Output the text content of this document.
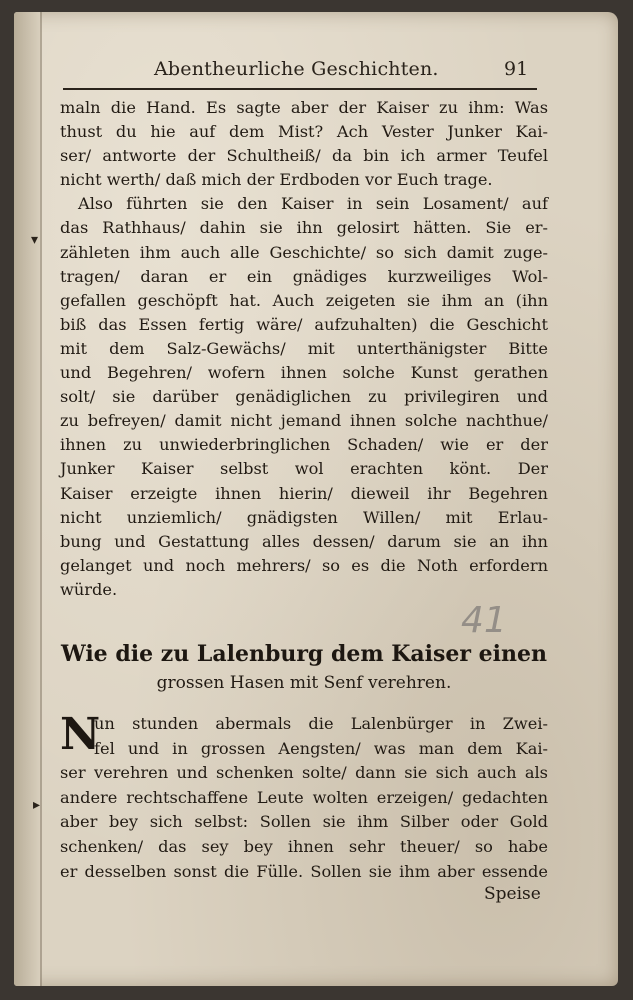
Abentheurliche Geschichten.	91
maln die Hand. Es sagte aber der Kaiser zu ihm: Was
thust du hie auf dem Mist? Ach Vester Junker Kai-
ser/ antworte der Schultheiß/ da bin ich armer Teufel
nicht werth/ daß mich der Erdboden vor Euch trage.
Also führten sie den Kaiser in sein Losament/ auf
das Rathhaus/ dahin sie ihn gelosirt hätten. Sie er-
zähleten ihm auch alle Geschichte/ so sich damit zuge-
tragen/ daran er ein gnädiges kurzweiliges Wol-
gefallen geschöpft hat. Auch zeigeten sie ihm an (ihn
biß das Essen fertig wäre/ aufzuhalten) die Geschicht
mit dem Salz-Gewächs/ mit unterthänigster Bitte
und Begehren/ wofern ihnen solche Kunst gerathen
solt/ sie darüber genädiglichen zu privilegiren und
zu befreyen/ damit nicht jemand ihnen solche nachthue/
ihnen zu unwiederbringlichen Schaden/ wie er der
Junker Kaiser selbst wol erachten könt. Der
Kaiser erzeigte ihnen hierin/ dieweil ihr Begehren
nicht unziemlich/ gnädigsten Willen/ mit Erlau-
bung und Gestattung alles dessen/ darum sie an ihn
gelanget und noch mehrers/ so es die Noth erfordern
würde.
41
Wie die zu Lalenburg dem Kaiser einen
grossen Hasen mit Senf verehren.
N
un stunden abermals die Lalenbürger in Zwei-
fel und in grossen Aengsten/ was man dem Kai-
ser verehren und schenken solte/ dann sie sich auch als
andere rechtschaffene Leute wolten erzeigen/ gedachten
aber bey sich selbst: Sollen sie ihm Silber oder Gold
schenken/ das sey bey ihnen sehr theuer/ so habe
er desselben sonst die Fülle. Sollen sie ihm aber essende
Speise
▾
▸
